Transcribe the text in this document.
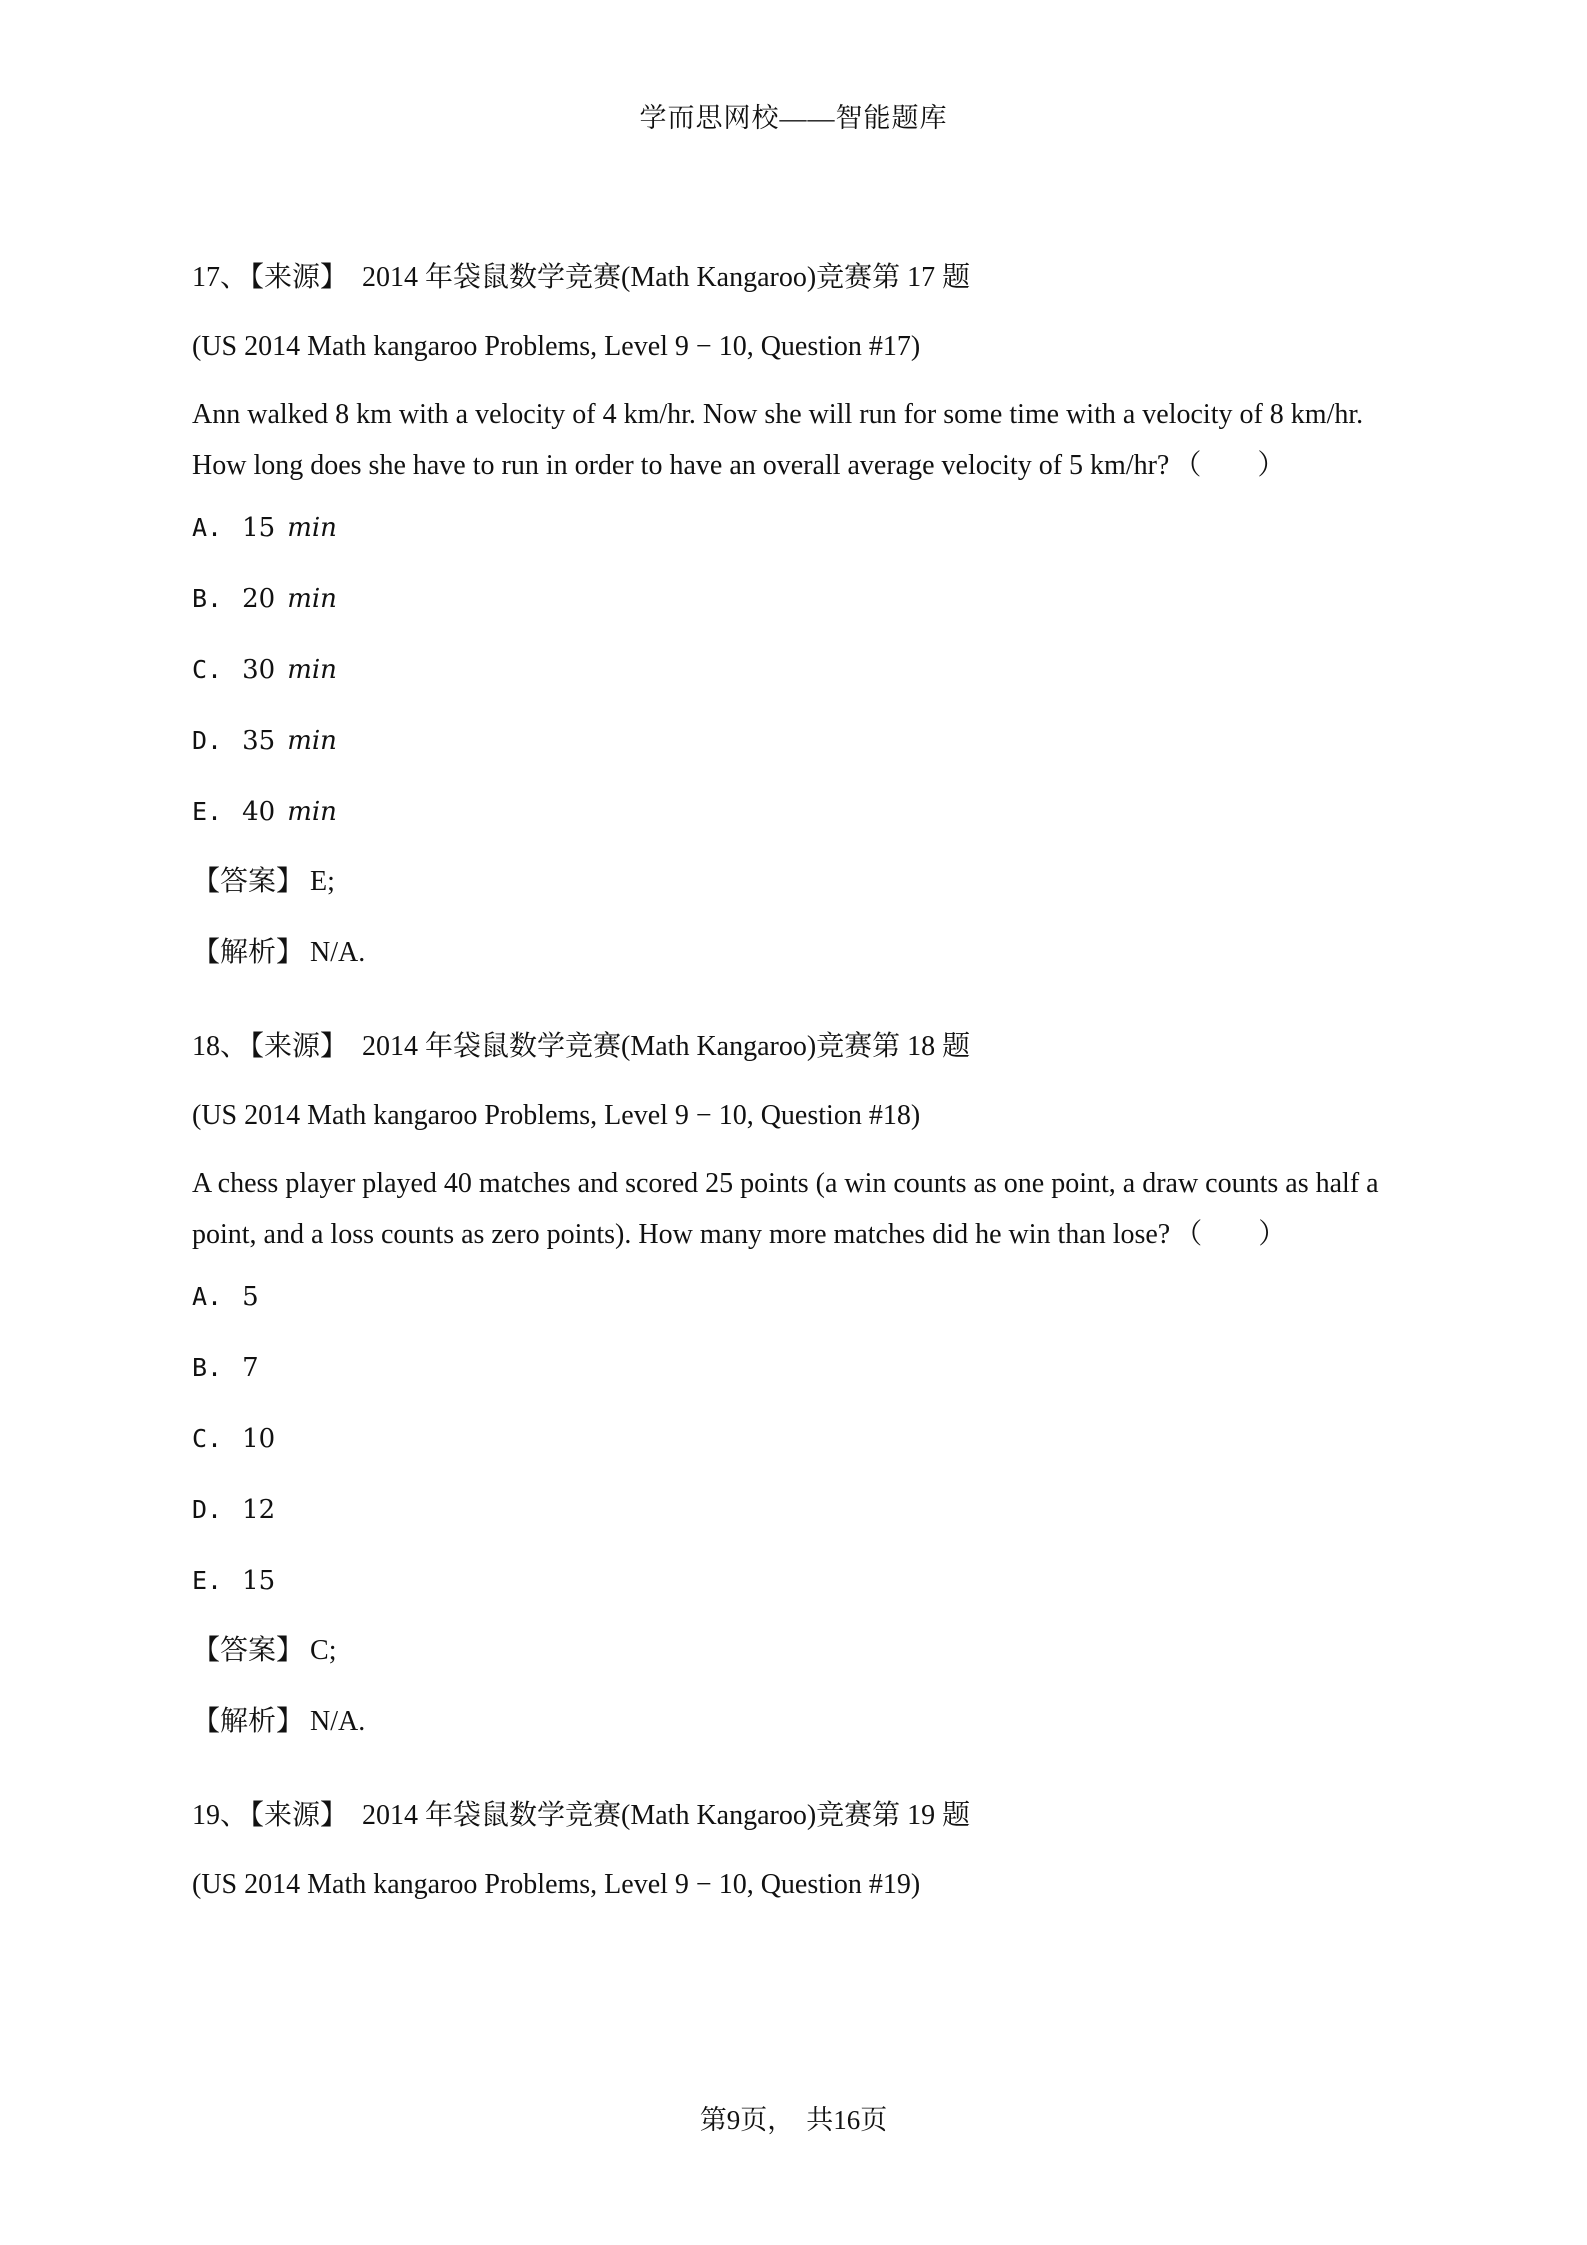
学而思网校——智能题库
17、【来源】 2014 年袋鼠数学竞赛(Math Kangaroo)竞赛第 17 题
(US 2014 Math kangaroo Problems, Level 9 − 10, Question #17)
Ann walked 8 km with a velocity of 4 km/hr. Now she will run for some time with a velocity of 8 km/hr. How long does she have to run in order to have an overall average velocity of 5 km/hr? （　　）
A. 15 min
B. 20 min
C. 30 min
D. 35 min
E. 40 min
【答案】 E;
【解析】 N/A.
18、【来源】 2014 年袋鼠数学竞赛(Math Kangaroo)竞赛第 18 题
(US 2014 Math kangaroo Problems, Level 9 − 10, Question #18)
A chess player played 40 matches and scored 25 points (a win counts as one point, a draw counts as half a point, and a loss counts as zero points). How many more matches did he win than lose? （　　）
A. 5
B. 7
C. 10
D. 12
E. 15
【答案】 C;
【解析】 N/A.
19、【来源】 2014 年袋鼠数学竞赛(Math Kangaroo)竞赛第 19 题
(US 2014 Math kangaroo Problems, Level 9 − 10, Question #19)
第9页， 共16页
